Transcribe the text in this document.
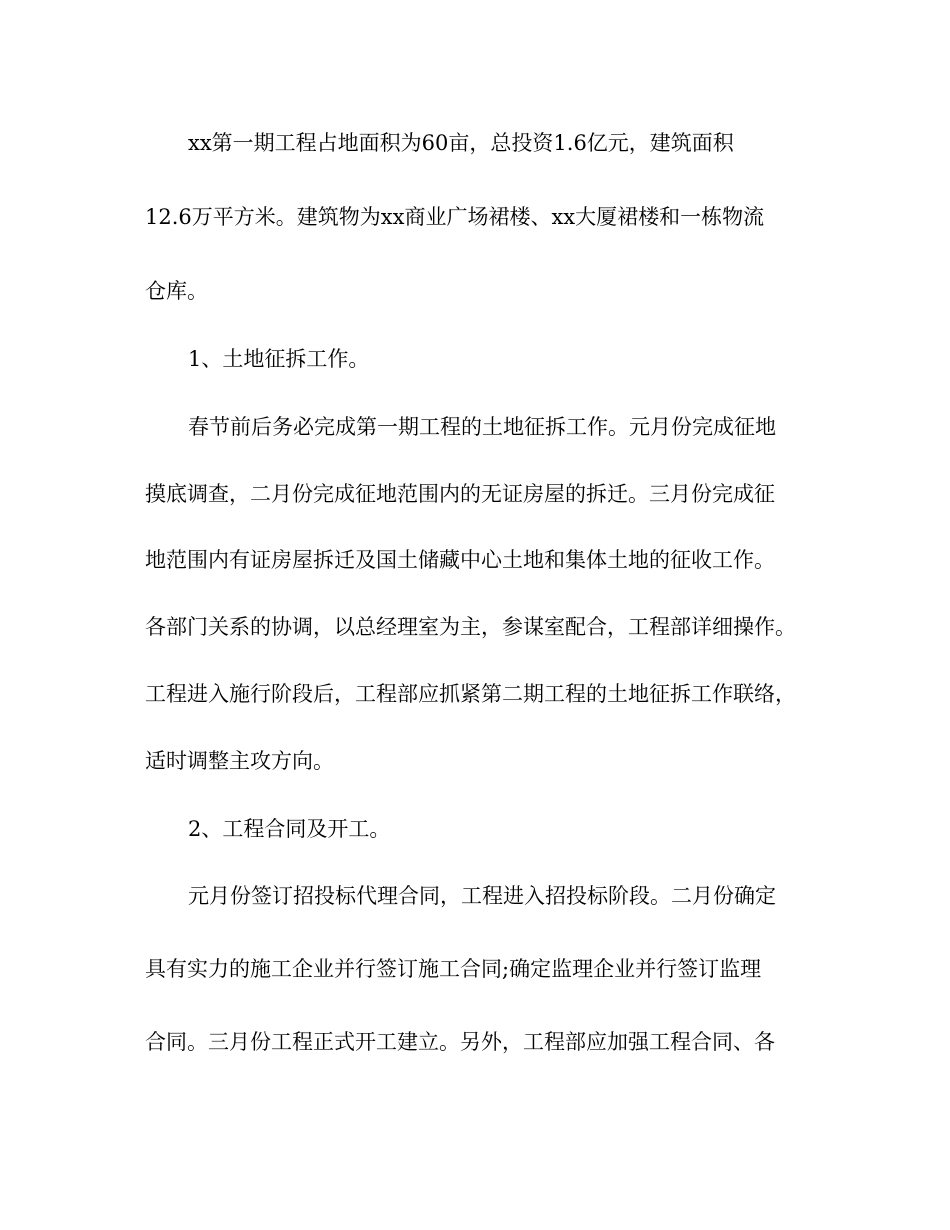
xx第一期工程占地面积为60亩，总投资1.6亿元，建筑面积
12.6万平方米。建筑物为xx商业广场裙楼、xx大厦裙楼和一栋物流
仓库。
1、土地征拆工作。
春节前后务必完成第一期工程的土地征拆工作。元月份完成征地
摸底调查，二月份完成征地范围内的无证房屋的拆迁。三月份完成征
地范围内有证房屋拆迁及国土储藏中心土地和集体土地的征收工作。
各部门关系的协调，以总经理室为主，参谋室配合，工程部详细操作。
工程进入施行阶段后，工程部应抓紧第二期工程的土地征拆工作联络，
适时调整主攻方向。
2、工程合同及开工。
元月份签订招投标代理合同，工程进入招投标阶段。二月份确定
具有实力的施工企业并行签订施工合同;确定监理企业并行签订监理
合同。三月份工程正式开工建立。另外，工程部应加强工程合同、各
